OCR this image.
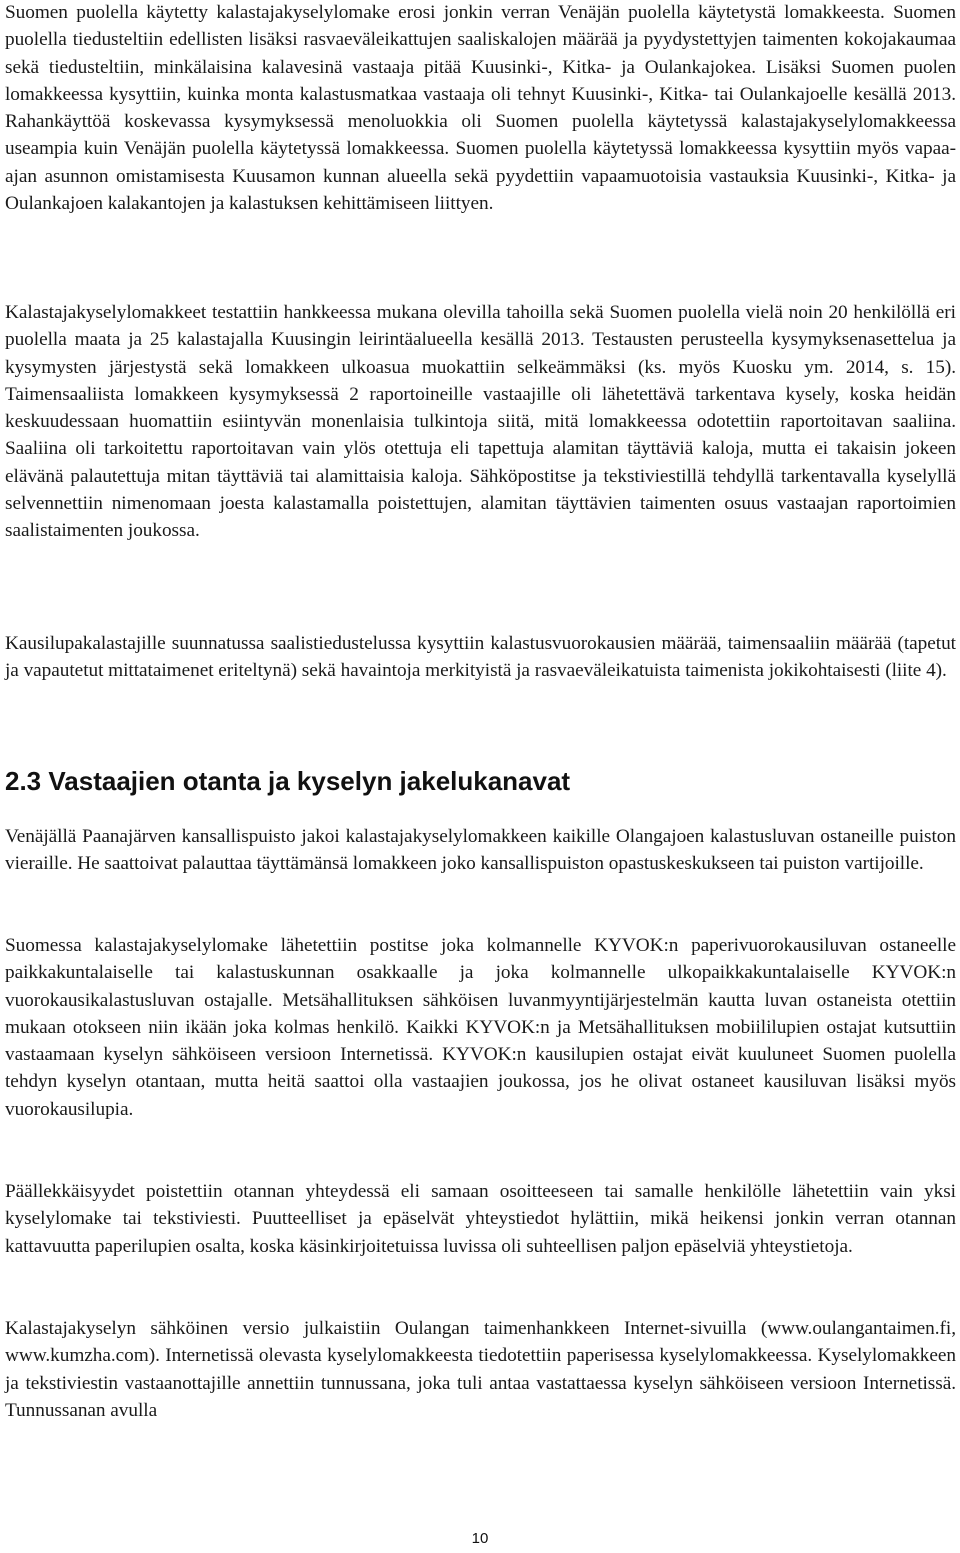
Suomen puolella käytetty kalastajakyselylomake erosi jonkin verran Venäjän puolella käytetystä lomakkeesta. Suomen puolella tiedusteltiin edellisten lisäksi rasvaeväleikattujen saaliskalojen määrää ja pyydystettyjen taimenten kokojakaumaa sekä tiedusteltiin, minkälaisina kalavesinä vastaaja pitää Kuusinki-, Kitka- ja Oulankajokea. Lisäksi Suomen puolen lomakkeessa kysyttiin, kuinka monta kalastusmatkaa vastaaja oli tehnyt Kuusinki-, Kitka- tai Oulankajoelle kesällä 2013. Rahankäyttöä koskevassa kysymyksessä menoluokkia oli Suomen puolella käytetyssä kalastajakyselylomakkeessa useampia kuin Venäjän puolella käytetyssä lomakkeessa. Suomen puolella käytetyssä lomakkeessa kysyttiin myös vapaa-ajan asunnon omistamisesta Kuusamon kunnan alueella sekä pyydettiin vapaamuotoisia vastauksia Kuusinki-, Kitka- ja Oulankajoen kalakantojen ja kalastuksen kehittämiseen liittyen.

Kalastajakyselylomakkeet testattiin hankkeessa mukana olevilla tahoilla sekä Suomen puolella vielä noin 20 henkilöllä eri puolella maata ja 25 kalastajalla Kuusingin leirintäalueella kesällä 2013. Testausten perusteella kysymyksenasettelua ja kysymysten järjestystä sekä lomakkeen ulkoasua muokattiin selkeämmäksi (ks. myös Kuosku ym. 2014, s. 15). Taimensaaliista lomakkeen kysymyksessä 2 raportoineille vastaajille oli lähetettävä tarkentava kysely, koska heidän keskuudessaan huomattiin esiintyvän monenlaisia tulkintoja siitä, mitä lomakkeessa odotettiin raportoitavan saaliina. Saaliina oli tarkoitettu raportoitavan vain ylös otettuja eli tapettuja alamitan täyttäviä kaloja, mutta ei takaisin jokeen elävänä palautettuja mitan täyttäviä tai alamittaisia kaloja. Sähköpostitse ja tekstiviestillä tehdyllä tarkentavalla kyselyllä selvennettiin nimenomaan joesta kalastamalla poistettujen, alamitan täyttävien taimenten osuus vastaajan raportoimien saalistaimenten joukossa.

Kausilupakalastajille suunnatussa saalistiedustelussa kysyttiin kalastusvuorokausien määrää, taimensaaliin määrää (tapetut ja vapautetut mittataimenet eriteltynä) sekä havaintoja merkityistä ja rasvaeväleikatuista taimenista jokikohtaisesti (liite 4).

2.3 Vastaajien otanta ja kyselyn jakelukanavat

Venäjällä Paanajärven kansallispuisto jakoi kalastajakyselylomakkeen kaikille Olangajoen kalastusluvan ostaneille puiston vieraille. He saattoivat palauttaa täyttämänsä lomakkeen joko kansallispuiston opastuskeskukseen tai puiston vartijoille.

Suomessa kalastajakyselylomake lähetettiin postitse joka kolmannelle KYVOK:n paperivuorokausiluvan ostaneelle paikkakuntalaiselle tai kalastuskunnan osakkaalle ja joka kolmannelle ulkopaikkakuntalaiselle KYVOK:n vuorokausikalastusluvan ostajalle. Metsähallituksen sähköisen luvanmyyntijärjestelmän kautta luvan ostaneista otettiin mukaan otokseen niin ikään joka kolmas henkilö. Kaikki KYVOK:n ja Metsähallituksen mobiililupien ostajat kutsuttiin vastaamaan kyselyn sähköiseen versioon Internetissä. KYVOK:n kausilupien ostajat eivät kuuluneet Suomen puolella tehdyn kyselyn otantaan, mutta heitä saattoi olla vastaajien joukossa, jos he olivat ostaneet kausiluvan lisäksi myös vuorokausilupia.

Päällekkäisyydet poistettiin otannan yhteydessä eli samaan osoitteeseen tai samalle henkilölle lähetettiin vain yksi kyselylomake tai tekstiviesti. Puutteelliset ja epäselvät yhteystiedot hylättiin, mikä heikensi jonkin verran otannan kattavuutta paperilupien osalta, koska käsinkirjoitetuissa luvissa oli suhteellisen paljon epäselviä yhteystietoja.

Kalastajakyselyn sähköinen versio julkaistiin Oulangan taimenhankkeen Internet-sivuilla (www.oulangantaimen.fi, www.kumzha.com). Internetissä olevasta kyselylomakkeesta tiedotettiin paperisessa kyselylomakkeessa. Kyselylomakkeen ja tekstiviestin vastaanottajille annettiin tunnussana, joka tuli antaa vastattaessa kyselyn sähköiseen versioon Internetissä. Tunnussanan avulla

10
